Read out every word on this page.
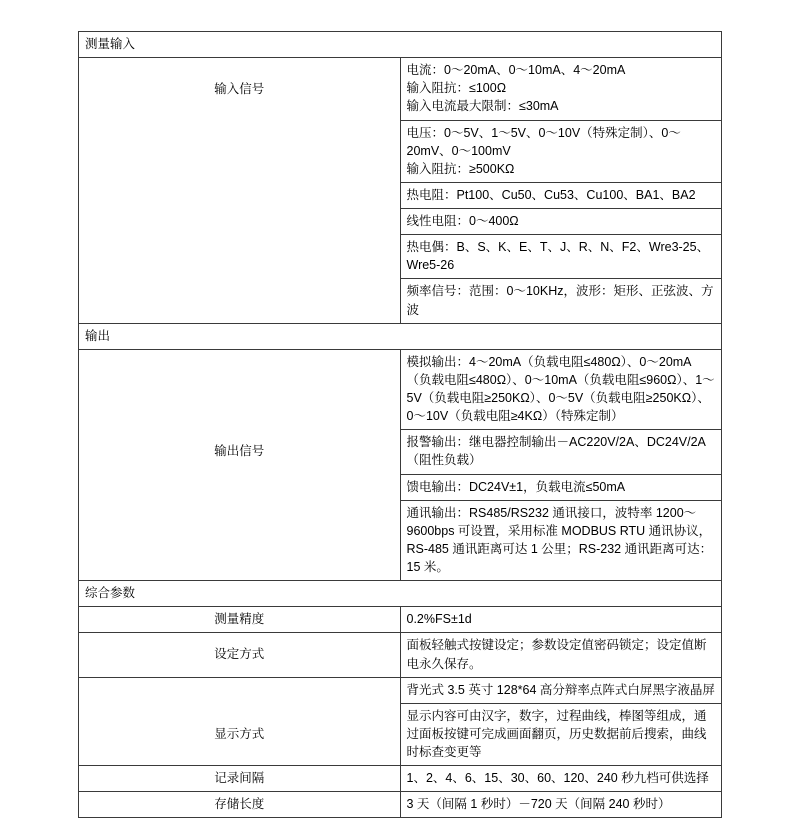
测量输入	
输入信号	电流：0～20mA、0～10mA、4～20mA

输入阻抗：≤100Ω

输入电流最大限制：≤30mA

	电压：0～5V、1～5V、0～10V（特殊定制）、0～20mV、0～100mV

输入阻抗：≥500KΩ

	热电阻：Pt100、Cu50、Cu53、Cu100、BA1、BA2

	线性电阻：0～400Ω

	热电偶：B、S、K、E、T、J、R、N、F2、Wre3-25、Wre5-26

	频率信号：范围：0～10KHz，波形：矩形、正弦波、方波

输出	

	模拟输出：4～20mA（负载电阻≤480Ω）、0～20mA（负载电阻≤480Ω）、0～10mA（负载电阻≤960Ω）、1～5V（负载电阻≥250KΩ）、0～5V（负载电阻≥250KΩ）、0～10V（负载电阻≥4KΩ）（特殊定制）

输出信号	报警输出：继电器控制输出－AC220V/2A、DC24V/2A（阻性负载）

	馈电输出：DC24V±1，负载电流≤50mA

	通讯输出：RS485/RS232 通讯接口，波特率 1200～9600bps 可设置，采用标准 MODBUS RTU 通讯协议，RS-485 通讯距离可达 1 公里；RS-232 通讯距离可达：15 米。

综合参数	
测量精度	0.2%FS±1d

设定方式	面板轻触式按键设定；参数设定值密码锁定；设定值断电永久保存。

	背光式 3.5 英寸 128*64 高分辩率点阵式白屏黑字液晶屏

显示方式	显示内容可由汉字，数字，过程曲线，棒图等组成，通过面板按键可完成画面翻页，历史数据前后搜索，曲线时标查变更等

记录间隔	1、2、4、6、15、30、60、120、240 秒九档可供选择

存储长度	3 天（间隔 1 秒时）－720 天（间隔 240 秒时）
